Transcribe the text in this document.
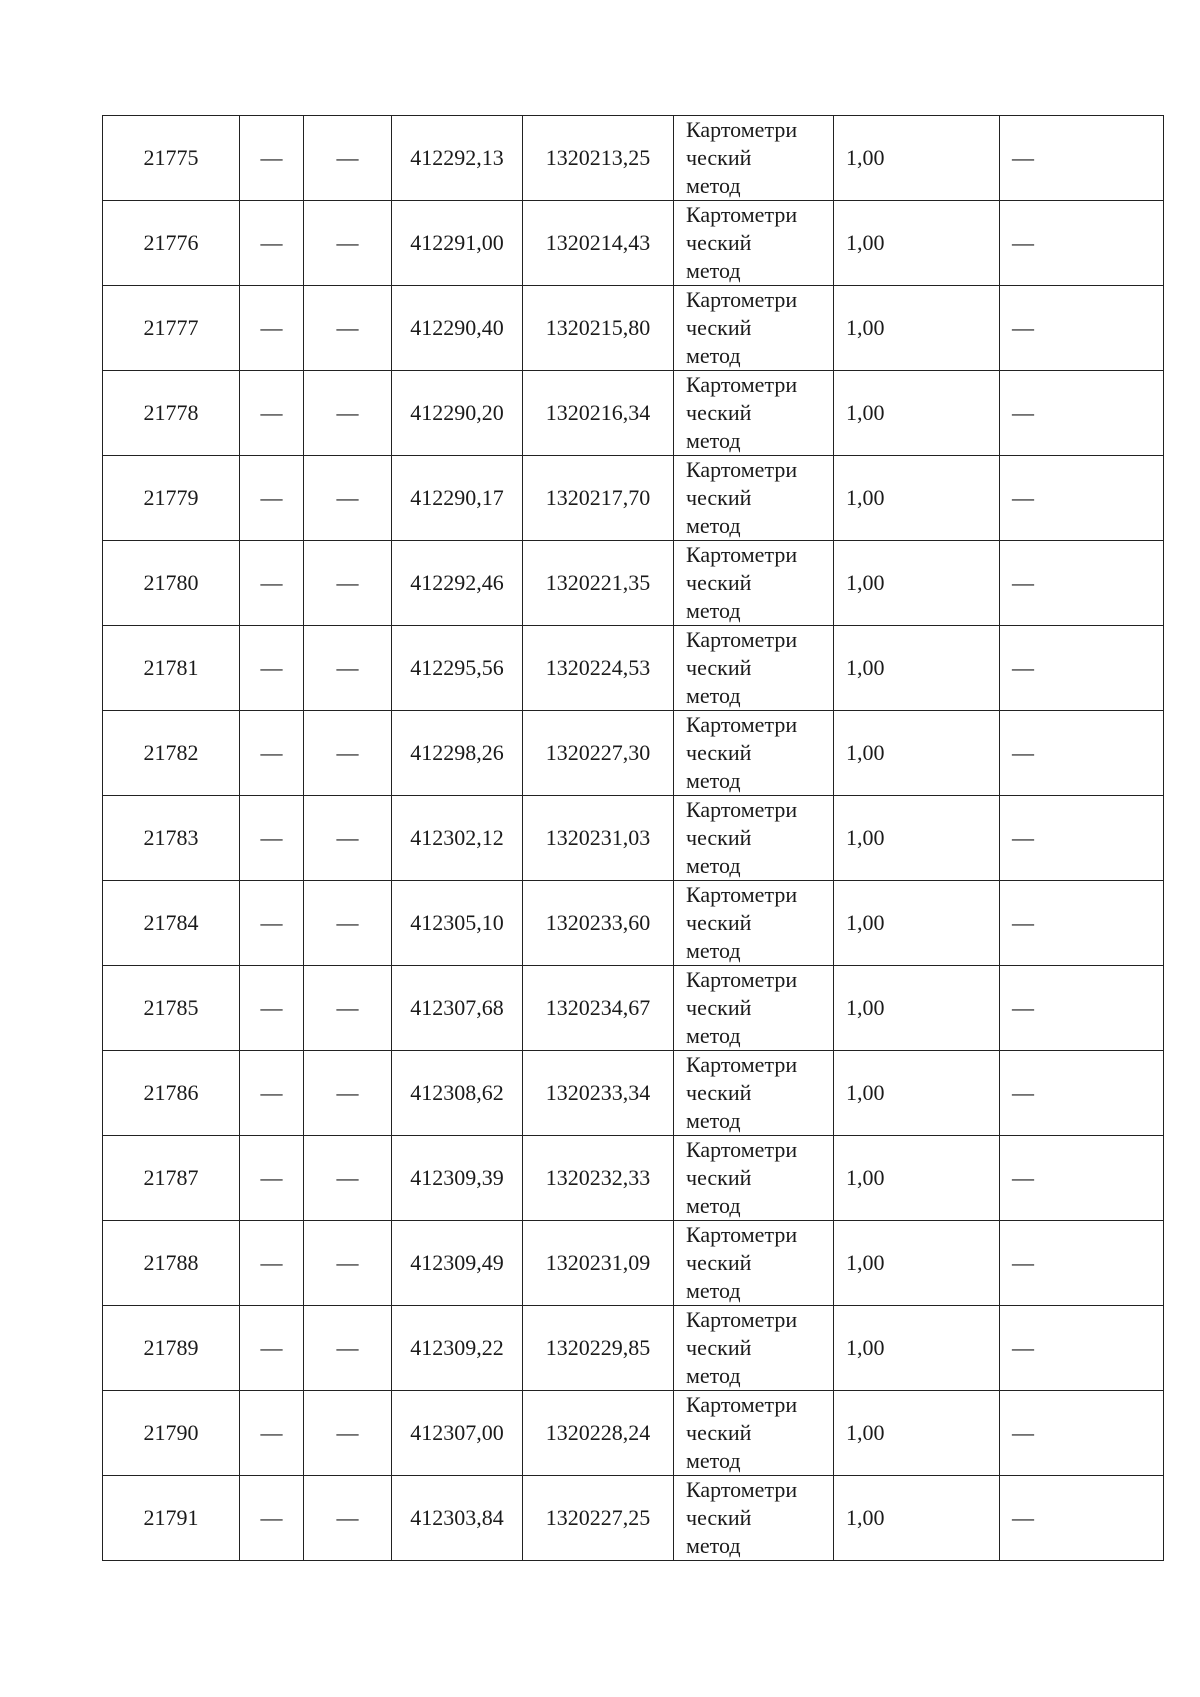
21775	—	—	412292,13	1320213,25	Картометри
ческий
метод	1,00	—
21776	—	—	412291,00	1320214,43	Картометри
ческий
метод	1,00	—
21777	—	—	412290,40	1320215,80	Картометри
ческий
метод	1,00	—
21778	—	—	412290,20	1320216,34	Картометри
ческий
метод	1,00	—
21779	—	—	412290,17	1320217,70	Картометри
ческий
метод	1,00	—
21780	—	—	412292,46	1320221,35	Картометри
ческий
метод	1,00	—
21781	—	—	412295,56	1320224,53	Картометри
ческий
метод	1,00	—
21782	—	—	412298,26	1320227,30	Картометри
ческий
метод	1,00	—
21783	—	—	412302,12	1320231,03	Картометри
ческий
метод	1,00	—
21784	—	—	412305,10	1320233,60	Картометри
ческий
метод	1,00	—
21785	—	—	412307,68	1320234,67	Картометри
ческий
метод	1,00	—
21786	—	—	412308,62	1320233,34	Картометри
ческий
метод	1,00	—
21787	—	—	412309,39	1320232,33	Картометри
ческий
метод	1,00	—
21788	—	—	412309,49	1320231,09	Картометри
ческий
метод	1,00	—
21789	—	—	412309,22	1320229,85	Картометри
ческий
метод	1,00	—
21790	—	—	412307,00	1320228,24	Картометри
ческий
метод	1,00	—
21791	—	—	412303,84	1320227,25	Картометри
ческий
метод	1,00	—
